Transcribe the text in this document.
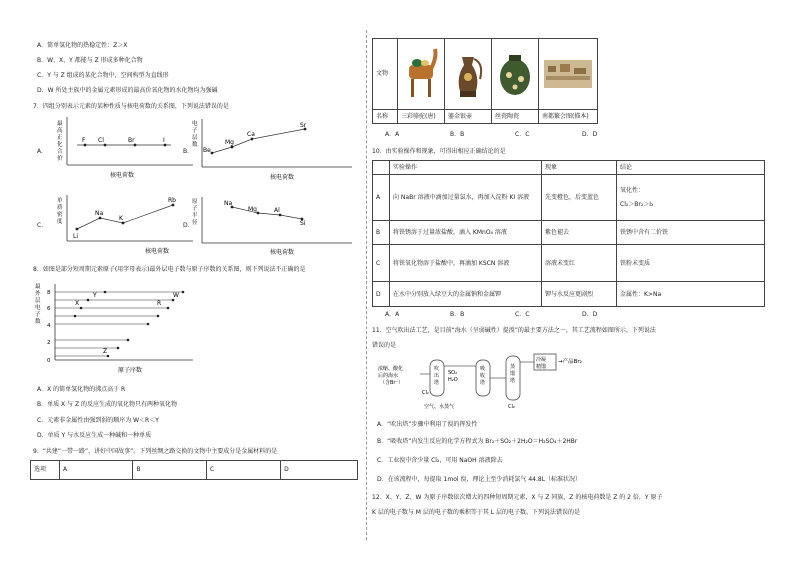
A．简单氢化物的热稳定性：Z＞X
B．W、X、Y 都能与 Z 形成多种化合物
C．Y 与 Z 组成的某化合物中，空间构型为直线形
D．W 所处主族中的金属元素形成的最高价氧化物的水化物均为强碱
7．四组分别表示元素的某种性质与核电荷数的关系图，下列说法错误的是
A．
F Cl	Br	I
核电荷数
最
高
正
化
合
价
B． Be
Mg
Ca
Sr
核电荷数
电
子
层
数
C．
Li
Na
K
Rb
核电荷数
单
质
密
度	D．
Na
Mg	Al
Si
核电荷数
原
子
半
径
8．如图是部分短周期元素原子(用字母表示)最外层电子数与原子序数的关系图，则下列说法不正确的是
最
外
层
电
子
数
8
6
4
2
0
Y	W
X	R
Z
原子序数
A．X 的简单氢化物的沸点高于 R
B．单质 X 与 Z 的反应生成的氧化物只有两种氧化物
C．元素非金属性由强到弱的顺序为 W＜R＜Y
D．单质 Y 与水反应生成一种碱和一种单质
9．“共建“一带一路”，讲好中国故事”。下列丝绸之路交换的文物中主要成分是金属材料的是
选项	A	B	C	D
文物	

名称	三彩骆驼(唐)	鎏金银壶	丝瓷陶瓷	南都繁会图(描本)
A．A	B．B	C．C	D．D
10．由实验操作和现象，可得出相应正确结论的是
	实验操作	现象	结论
A	向 NaBr 溶液中滴加过量氯水，再加入淀粉 KI 溶液	先变橙色，后变蓝色	氧化性：
Cl₂＞Br₂＞I₂

B	将铁锈溶于过量浓盐酸，滴入 KMnO₄ 溶液	紫色褪去	铁锈中含有二价铁
C	将铁氧化物溶于盐酸中，再滴加 KSCN 溶液	溶液未变红	铁粉未变质
D	在水中分别放入绿豆大的金属钠和金属钾	钾与水反应更剧烈	金属性：K>Na
A．A	B．B	C．C	D．D
11．空气吹出法工艺，是目前“海水（呈弱碱性）提溴”的最主要方法之一，其工艺流程如图所示。下列说法
错误的是
浓缩、酸化
后的海水
（含Br⁻）
吹
出
塔
Cl₂
SO₂
H₂O
吸
收
塔
蒸
馏
塔
Cl₂
冷凝
精馏
→产品Br₂
空气、水蒸气
A．“吹出塔”步骤中利用了溴的挥发性
B．“吸收塔”内发生反应的化学方程式为 Br₂＋SO₂＋2H₂O＝H₂SO₄＋2HBr
C．工业溴中含少量 Cl₂，可用 NaOH 溶液除去
D．在该流程中，每提取 1mol 溴，理论上至少消耗氯气 44.8L（标准状况）
12．X、Y、Z、W 为原子序数依次增大的四种短周期元素，X 与 Z 同族，Z 的核电荷数是 Z 的 2 倍，Y 原子
K 层的电子数与 M 层的电子数的乘积等于其 L 层的电子数。下列说法错误的是
